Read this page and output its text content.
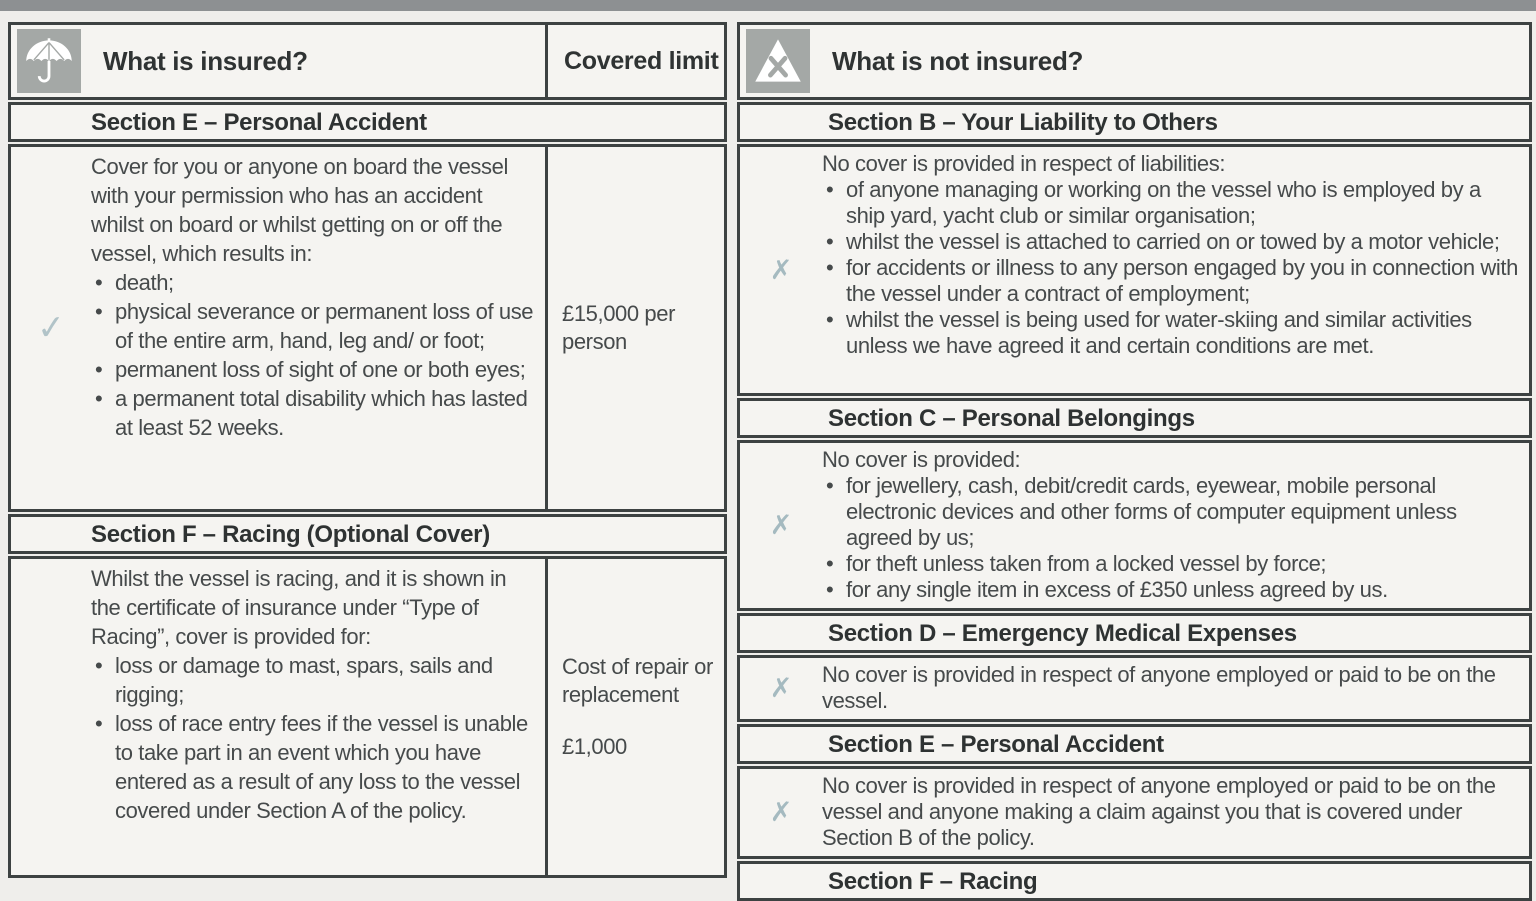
What is insured?	Covered limit
Section E – Personal Accident
✓
Cover for you or anyone on board the vessel with your permission who has an accident whilst on board or whilst getting on or off the vessel, which results in:
• death;
• physical severance or permanent loss of use of the entire arm, hand, leg and/ or foot;
• permanent loss of sight of one or both eyes;
• a permanent total disability which has lasted at least 52 weeks.
£15,000 per person
Section F – Racing (Optional Cover)
Whilst the vessel is racing, and it is shown in the certificate of insurance under “Type of Racing”, cover is provided for:
• loss or damage to mast, spars, sails and rigging;
• loss of race entry fees if the vessel is unable to take part in an event which you have entered as a result of any loss to the vessel covered under Section A of the policy.
Cost of repair or replacement
£1,000
What is not insured?
Section B – Your Liability to Others
✗
No cover is provided in respect of liabilities:
• of anyone managing or working on the vessel who is employed by a ship yard, yacht club or similar organisation;
• whilst the vessel is attached to carried on or towed by a motor vehicle;
• for accidents or illness to any person engaged by you in connection with the vessel under a contract of employment;
• whilst the vessel is being used for water-skiing and similar activities unless we have agreed it and certain conditions are met.
Section C – Personal Belongings
✗
No cover is provided:
• for jewellery, cash, debit/credit cards, eyewear, mobile personal electronic devices and other forms of computer equipment unless agreed by us;
• for theft unless taken from a locked vessel by force;
• for any single item in excess of £350 unless agreed by us.
Section D – Emergency Medical Expenses
✗ No cover is provided in respect of anyone employed or paid to be on the vessel.
Section E – Personal Accident
✗
No cover is provided in respect of anyone employed or paid to be on the vessel and anyone making a claim against you that is covered under Section B of the policy.
Section F – Racing
